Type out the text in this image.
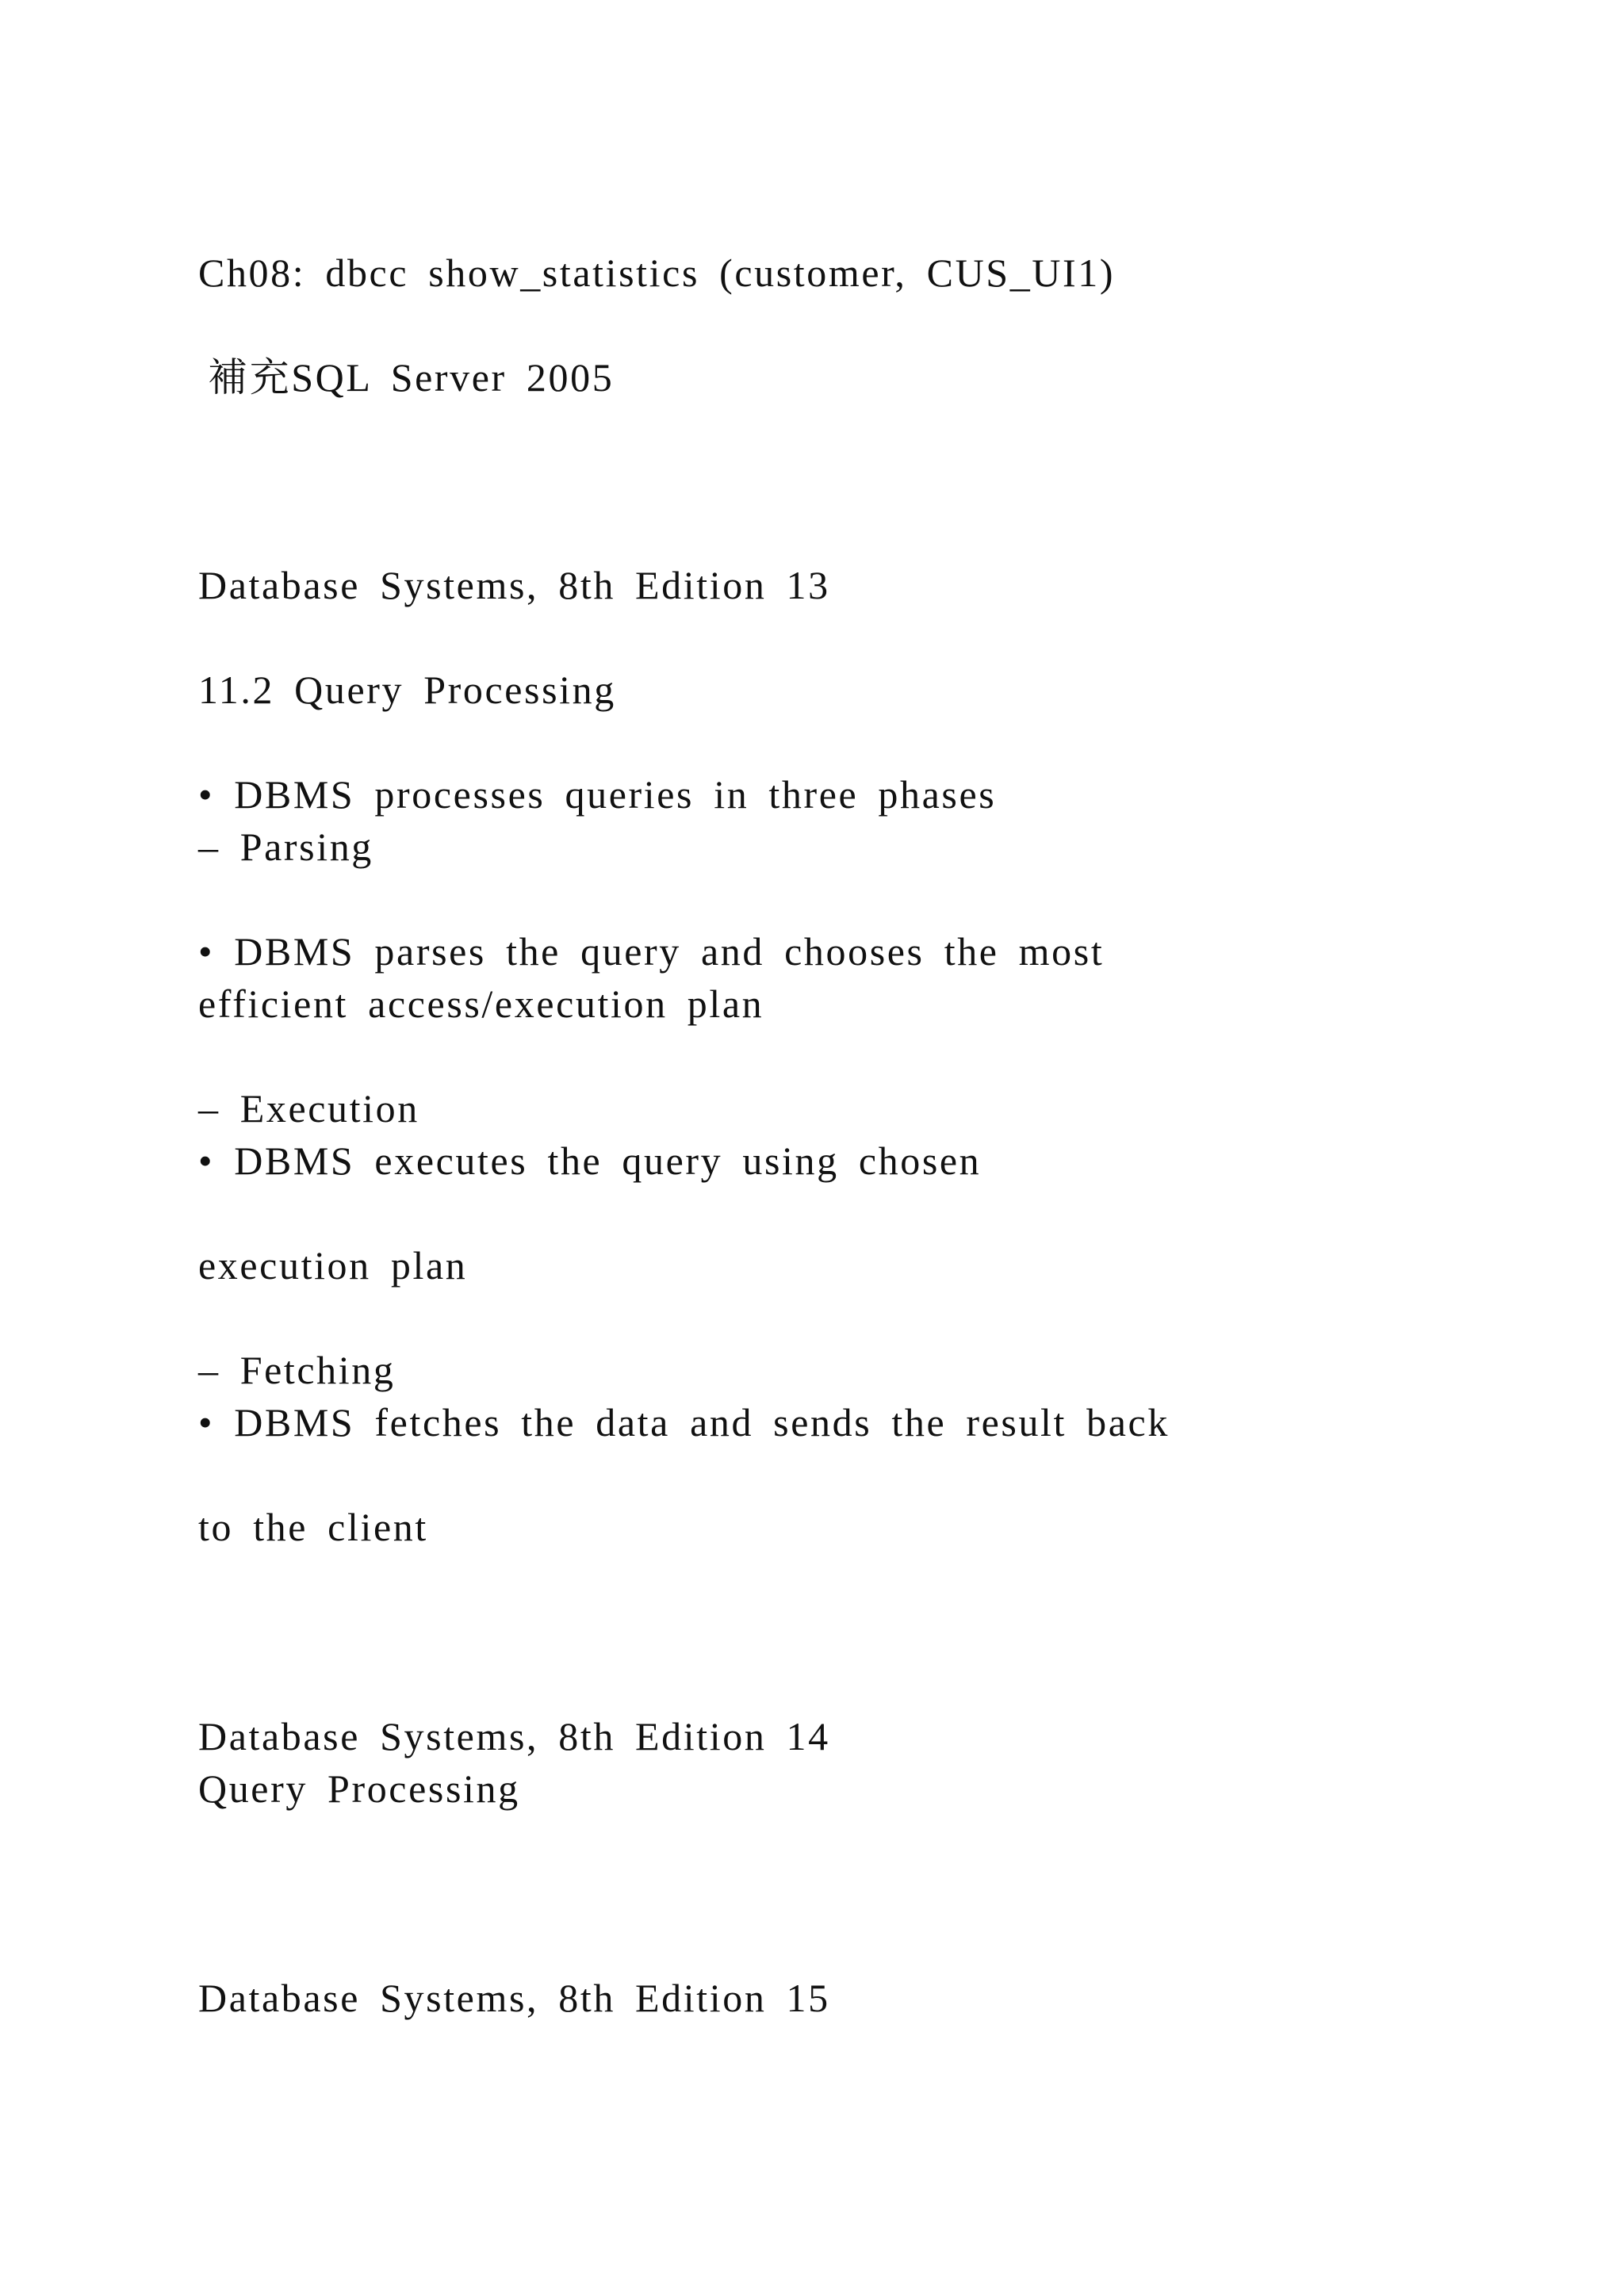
Ch08: dbcc show_statistics (customer, CUS_UI1)

補充SQL Server 2005

Database Systems, 8th Edition 13

11.2 Query Processing

• DBMS processes queries in three phases

– Parsing

• DBMS parses the query and chooses the most

efficient access/execution plan

– Execution

• DBMS executes the query using chosen

execution plan

– Fetching

• DBMS fetches the data and sends the result back

to the client

Database Systems, 8th Edition 14

Query Processing

Database Systems, 8th Edition 15
